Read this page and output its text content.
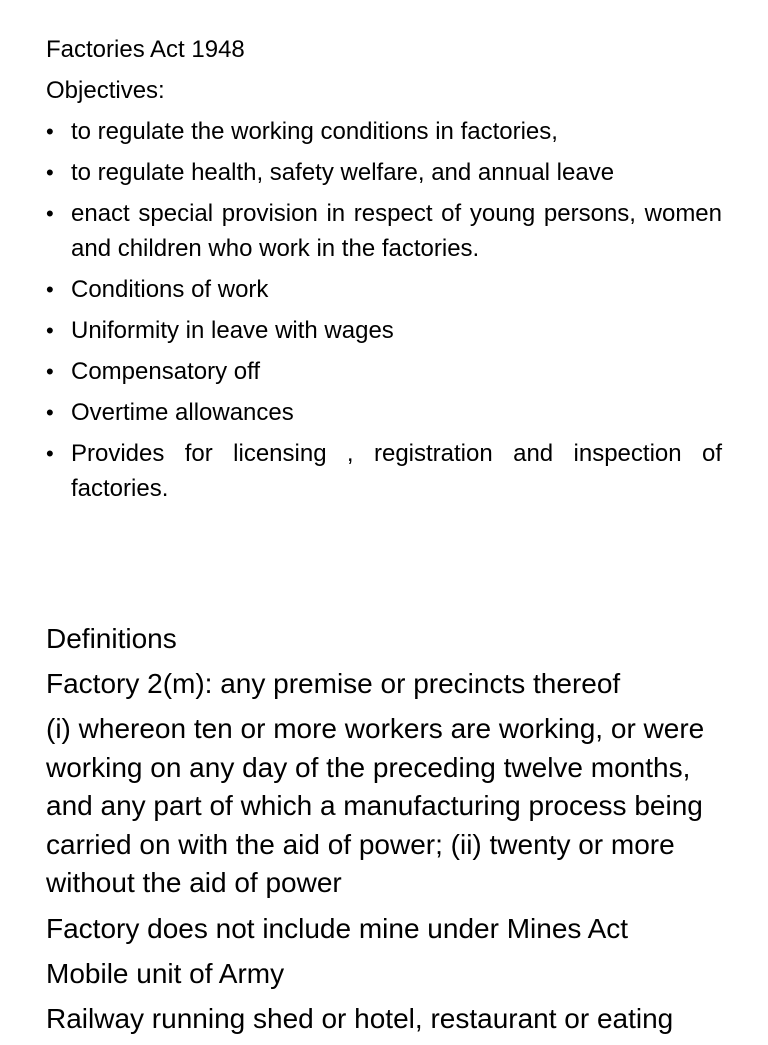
Factories Act 1948
Objectives:
• to regulate the working conditions in factories,
• to regulate health, safety welfare, and annual leave
• enact special provision in respect of young persons, women and children who work in the factories.
• Conditions of work
• Uniformity in leave with wages
• Compensatory off
• Overtime allowances
• Provides for licensing , registration and inspection of factories.
Definitions
Factory 2(m): any premise or precincts thereof
(i) whereon ten or more workers are working, or were working on any day of the preceding twelve months, and any part of which a manufacturing process being carried on with the aid of power; (ii) twenty or more without the aid of power
Factory does not include mine under Mines Act
Mobile unit of Army
Railway running shed or hotel, restaurant or eating
